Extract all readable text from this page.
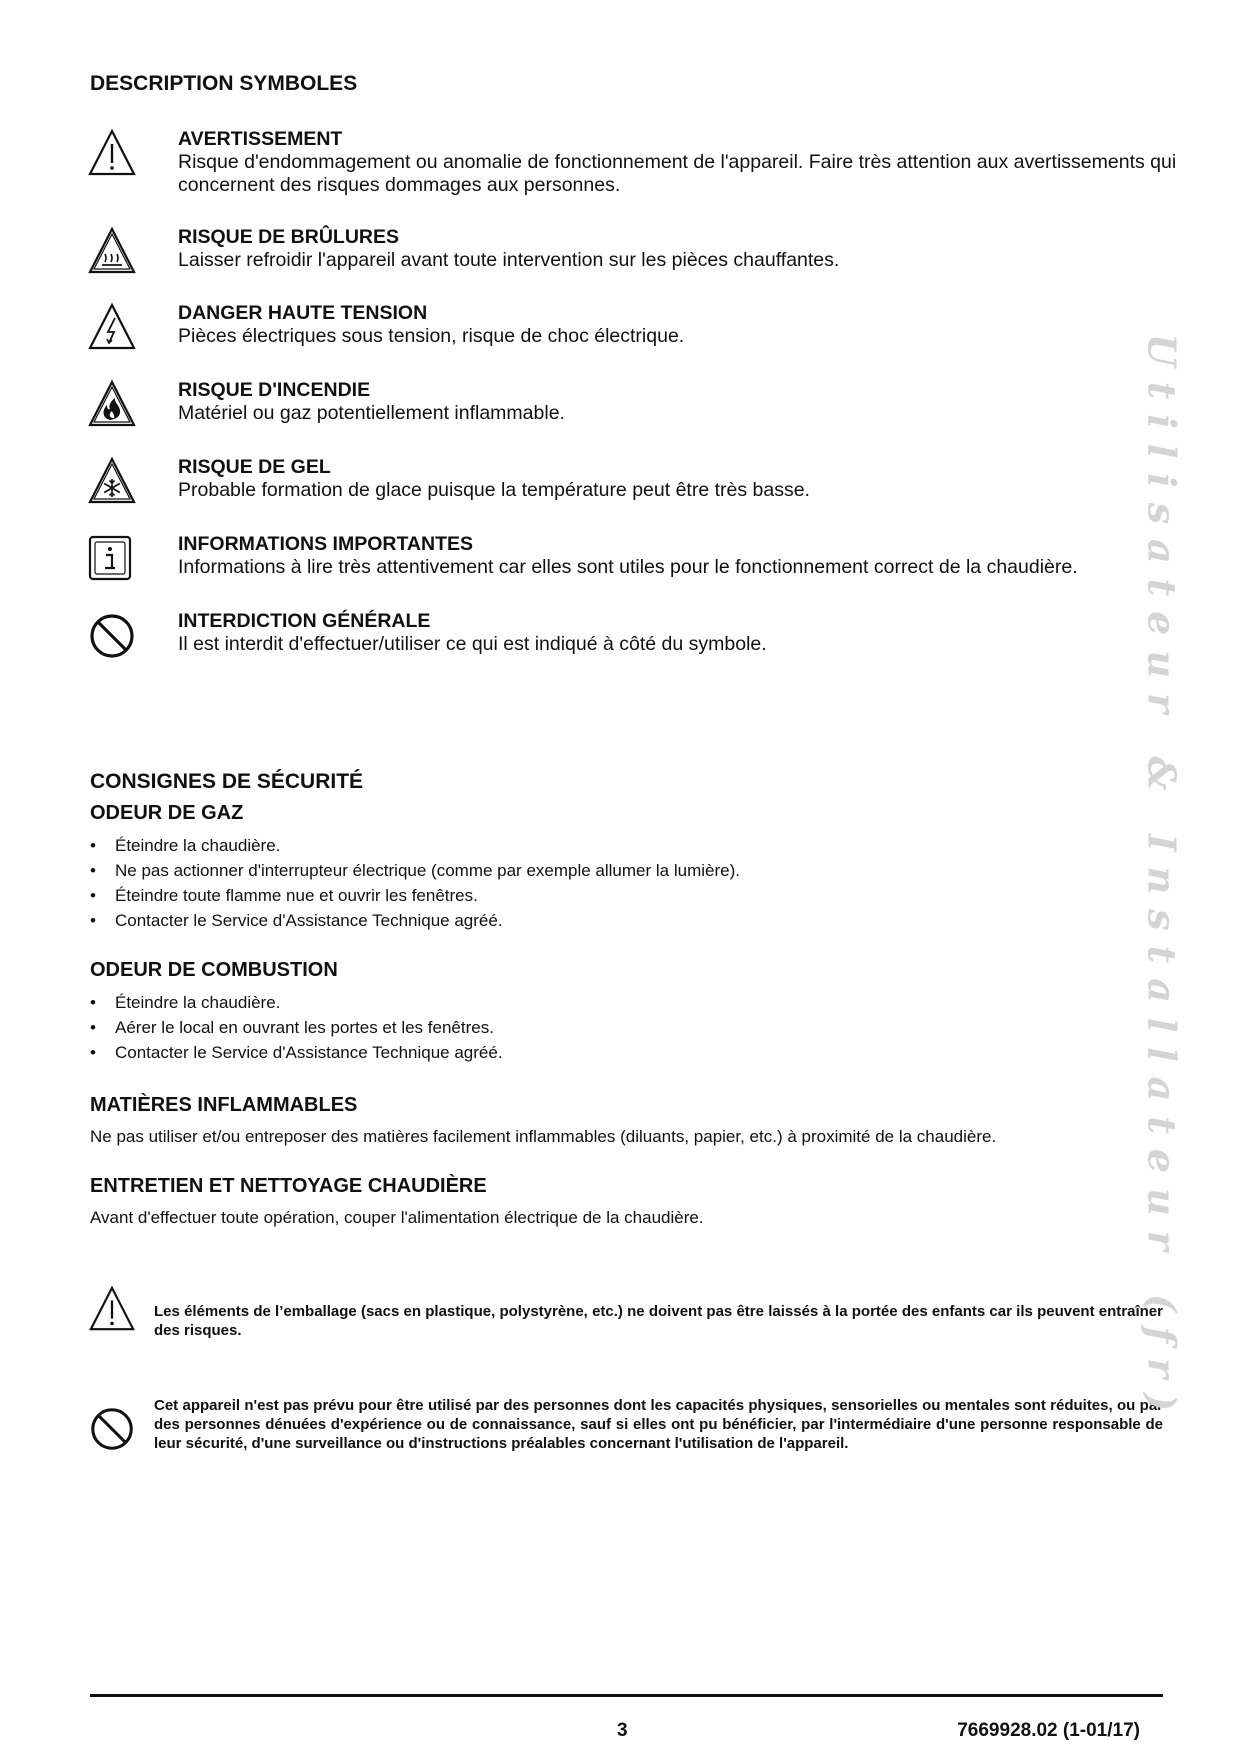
DESCRIPTION SYMBOLES
AVERTISSEMENT
Risque d'endommagement ou anomalie de fonctionnement de l'appareil. Faire très attention aux avertissements qui concernent des risques dommages aux personnes.
RISQUE DE BRÛLURES
Laisser refroidir l'appareil avant toute intervention sur les pièces chauffantes.
DANGER HAUTE TENSION
Pièces électriques sous tension, risque de choc électrique.
RISQUE D'INCENDIE
Matériel ou gaz potentiellement inflammable.
RISQUE DE GEL
Probable formation de glace puisque la température peut être très basse.
INFORMATIONS IMPORTANTES
Informations à lire très attentivement car elles sont utiles pour le fonctionnement correct de la chaudière.
INTERDICTION GÉNÉRALE
Il est interdit d'effectuer/utiliser ce qui est indiqué à côté du symbole.
CONSIGNES DE SÉCURITÉ
ODEUR DE GAZ
• Éteindre la chaudière.
• Ne pas actionner d'interrupteur électrique (comme par exemple allumer la lumière).
• Éteindre toute flamme nue et ouvrir les fenêtres.
• Contacter le Service d'Assistance Technique agréé.
ODEUR DE COMBUSTION
• Éteindre la chaudière.
• Aérer le local en ouvrant les portes et les fenêtres.
• Contacter le Service d'Assistance Technique agréé.
MATIÈRES INFLAMMABLES

Ne pas utiliser et/ou entreposer des matières facilement inflammables (diluants, papier, etc.) à proximité de la chaudière.

ENTRETIEN ET NETTOYAGE CHAUDIÈRE

Avant d'effectuer toute opération, couper l'alimentation électrique de la chaudière.

Les éléments de l’emballage (sacs en plastique, polystyrène, etc.) ne doivent pas être laissés à la portée des enfants car ils peuvent entraîner des risques.

Cet appareil n'est pas prévu pour être utilisé par des personnes dont les capacités physiques, sensorielles ou mentales sont réduites, ou par des personnes dénuées d'expérience ou de connaissance, sauf si elles ont pu bénéficier, par l'intermédiaire d'une personne responsable de leur sécurité, d'une surveillance ou d'instructions préalables concernant l'utilisation de l'appareil.

Utilisateur & Installateur (fr)
3	7669928.02 (1-01/17)
